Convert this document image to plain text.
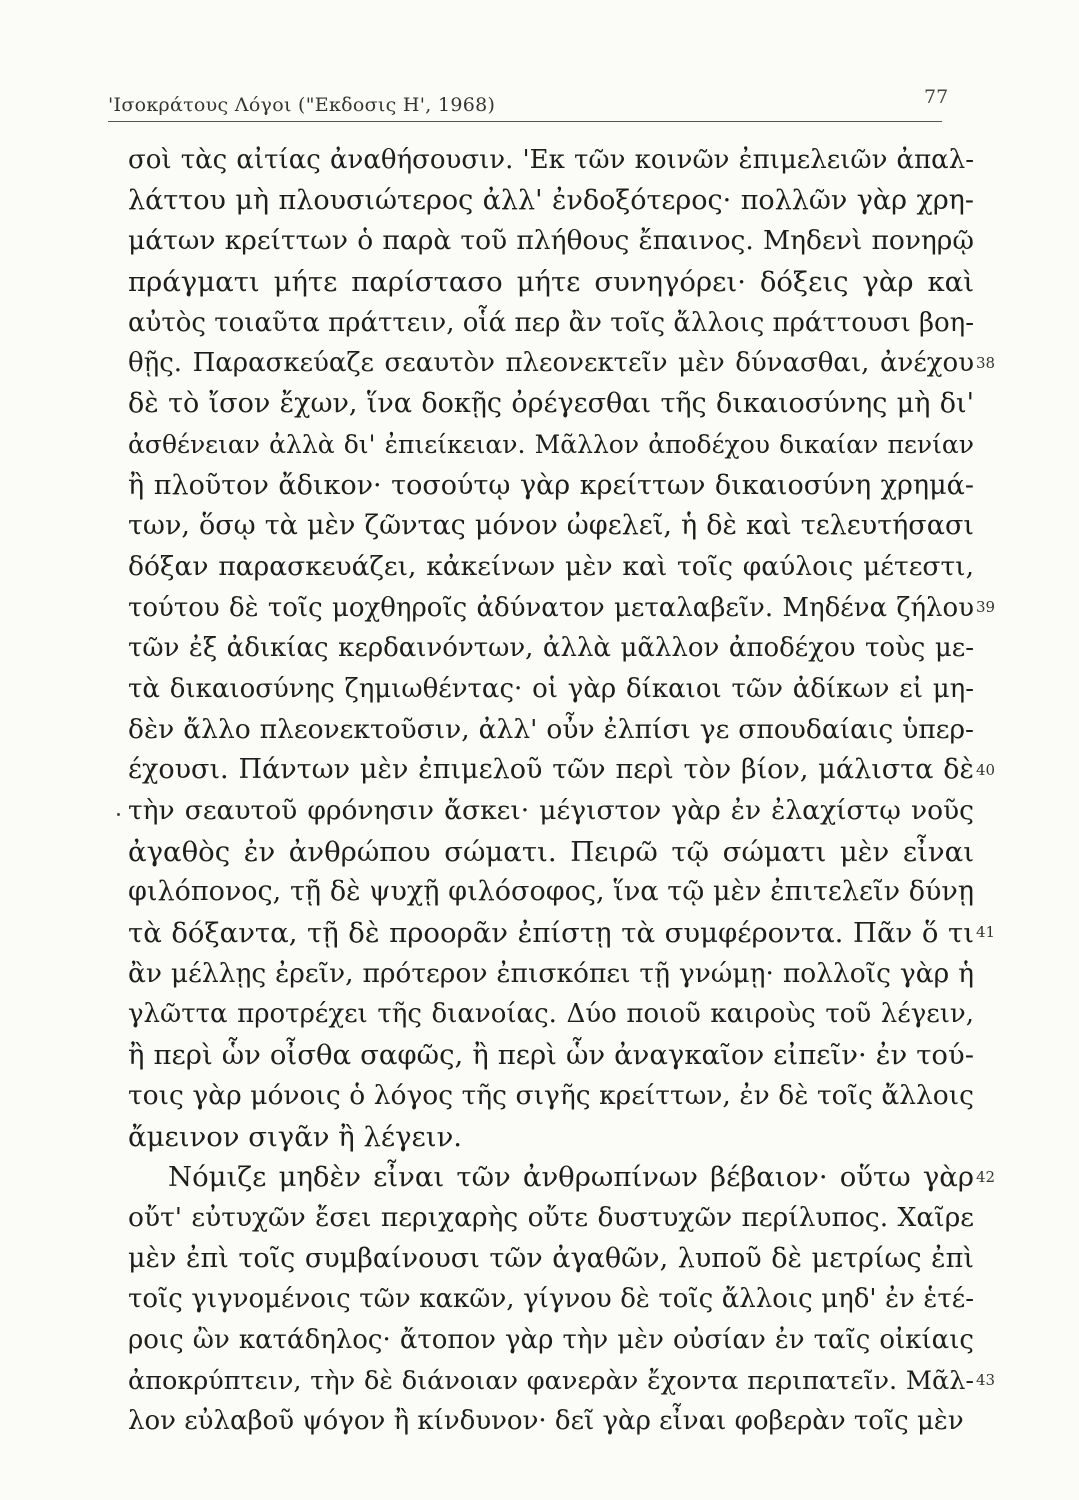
'Ισοκράτους Λόγοι ("Εκδοσις Η', 1968)	77
σοὶ τὰς αἰτίας ἀναθήσουσιν. 'Εκ τῶν κοινῶν ἐπιμελειῶν ἀπαλ-
λάττου μὴ πλουσιώτερος ἀλλ' ἐνδοξότερος· πολλῶν γὰρ χρη-
μάτων κρείττων ὁ παρὰ τοῦ πλήθους ἔπαινος. Μηδενὶ πονηρῷ
πράγματι μήτε παρίστασο μήτε συνηγόρει· δόξεις γὰρ καὶ
αὐτὸς τοιαῦτα πράττειν, οἷά περ ἂν τοῖς ἄλλοις πράττουσι βοη-
θῇς. Παρασκεύαζε σεαυτὸν πλεονεκτεῖν μὲν δύνασθαι, ἀνέχου
δὲ τὸ ἴσον ἔχων, ἵνα δοκῇς ὀρέγεσθαι τῆς δικαιοσύνης μὴ δι'
ἀσθένειαν ἀλλὰ δι' ἐπιείκειαν. Μᾶλλον ἀποδέχου δικαίαν πενίαν
ἢ πλοῦτον ἄδικον· τοσούτῳ γὰρ κρείττων δικαιοσύνη χρημά-
των, ὅσῳ τὰ μὲν ζῶντας μόνον ὠφελεῖ, ἡ δὲ καὶ τελευτήσασι
δόξαν παρασκευάζει, κἀκείνων μὲν καὶ τοῖς φαύλοις μέτεστι,
τούτου δὲ τοῖς μοχθηροῖς ἀδύνατον μεταλαβεῖν. Μηδένα ζήλου
τῶν ἐξ ἀδικίας κερδαινόντων, ἀλλὰ μᾶλλον ἀποδέχου τοὺς με-
τὰ δικαιοσύνης ζημιωθέντας· οἱ γὰρ δίκαιοι τῶν ἀδίκων εἰ μη-
δὲν ἄλλο πλεονεκτοῦσιν, ἀλλ' οὖν ἐλπίσι γε σπουδαίαις ὑπερ-
έχουσι. Πάντων μὲν ἐπιμελοῦ τῶν περὶ τὸν βίον, μάλιστα δὲ
τὴν σεαυτοῦ φρόνησιν ἄσκει· μέγιστον γὰρ ἐν ἐλαχίστῳ νοῦς
ἀγαθὸς ἐν ἀνθρώπου σώματι. Πειρῶ τῷ σώματι μὲν εἶναι
φιλόπονος, τῇ δὲ ψυχῇ φιλόσοφος, ἵνα τῷ μὲν ἐπιτελεῖν δύνῃ
τὰ δόξαντα, τῇ δὲ προορᾶν ἐπίστῃ τὰ συμφέροντα. Πᾶν ὅ τι
ἂν μέλλῃς ἐρεῖν, πρότερον ἐπισκόπει τῇ γνώμῃ· πολλοῖς γὰρ ἡ
γλῶττα προτρέχει τῆς διανοίας. Δύο ποιοῦ καιροὺς τοῦ λέγειν,
ἢ περὶ ὧν οἶσθα σαφῶς, ἢ περὶ ὧν ἀναγκαῖον εἰπεῖν· ἐν τού-
τοις γὰρ μόνοις ὁ λόγος τῆς σιγῆς κρείττων, ἐν δὲ τοῖς ἄλλοις
ἄμεινον σιγᾶν ἢ λέγειν.
Νόμιζε μηδὲν εἶναι τῶν ἀνθρωπίνων βέβαιον· οὕτω γὰρ
οὔτ' εὐτυχῶν ἔσει περιχαρὴς οὔτε δυστυχῶν περίλυπος. Χαῖρε
μὲν ἐπὶ τοῖς συμβαίνουσι τῶν ἀγαθῶν, λυποῦ δὲ μετρίως ἐπὶ
τοῖς γιγνομένοις τῶν κακῶν, γίγνου δὲ τοῖς ἄλλοις μηδ' ἐν ἑτέ-
ροις ὢν κατάδηλος· ἄτοπον γὰρ τὴν μὲν οὐσίαν ἐν ταῖς οἰκίαις
ἀποκρύπτειν, τὴν δὲ διάνοιαν φανερὰν ἔχοντα περιπατεῖν. Μᾶλ-
λον εὐλαβοῦ ψόγον ἢ κίνδυνον· δεῖ γὰρ εἶναι φοβερὰν τοῖς μὲν
38
39
40
41
42
43
